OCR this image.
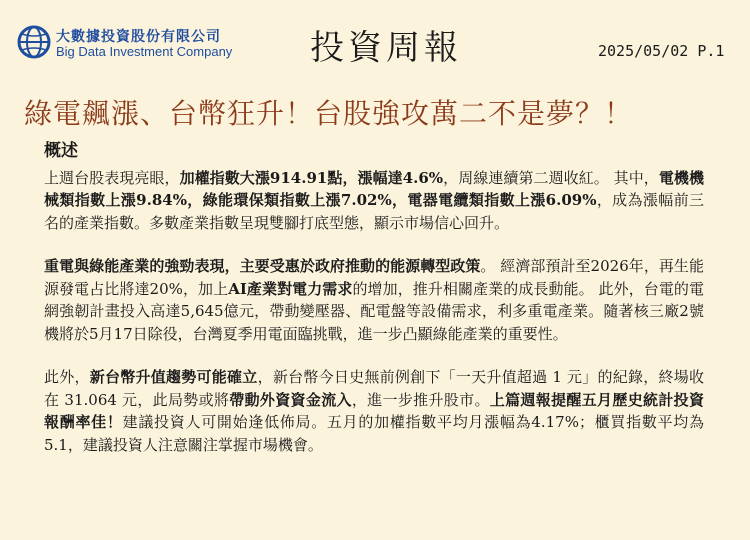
大數據投資股份有限公司
Big Data Investment Company 投資周報	2025/05/02 P.1
綠電飆漲、台幣狂升！台股強攻萬二不是夢？！
概述

上週台股表現亮眼，加權指數大漲914.91點，漲幅達4.6%，周線連續第二週收紅。 其中，電機機械類指數上漲9.84%，綠能環保類指數上漲7.02%，電器電纜類指數上漲6.09%，成為漲幅前三名的產業指數。多數產業指數呈現雙腳打底型態，顯示市場信心回升。

重電與綠能產業的強勁表現，主要受惠於政府推動的能源轉型政策。 經濟部預計至2026年，再生能源發電占比將達20%，加上AI產業對電力需求的增加，推升相關產業的成長動能。 此外，台電的電網強韌計畫投入高達5,645億元，帶動變壓器、配電盤等設備需求，利多重電產業。隨著核三廠2號機將於5月17日除役，台灣夏季用電面臨挑戰，進一步凸顯綠能產業的重要性。

此外，新台幣升值趨勢可能確立，新台幣今日史無前例創下「一天升值超過 1 元」的紀錄，終場收在 31.064 元，此局勢或將帶動外資資金流入，進一步推升股市。上篇週報提醒五月歷史統計投資報酬率佳！建議投資人可開始逢低佈局。五月的加權指數平均月漲幅為4.17%；櫃買指數平均為5.1，建議投資人注意關注掌握市場機會。
